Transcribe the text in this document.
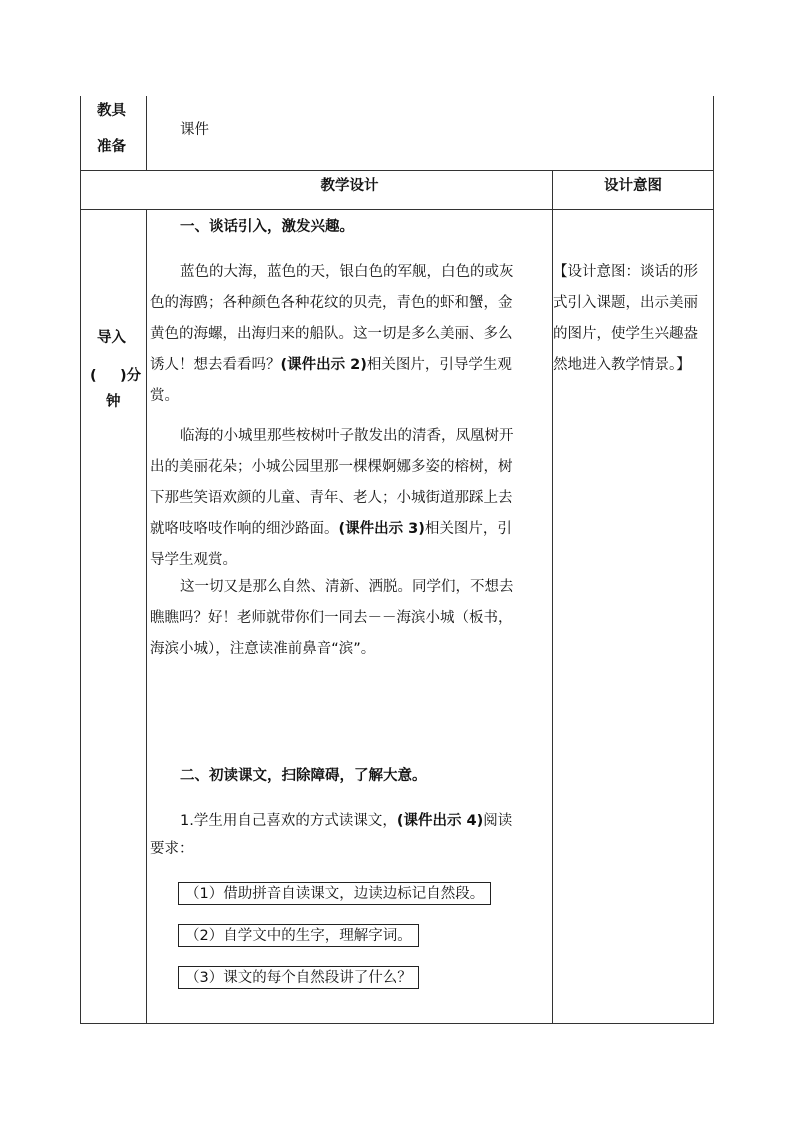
教具
准备
课件
教学设计	设计意图
导入
( )分
钟
一、谈话引入，激发兴趣。
蓝色的大海，蓝色的天，银白色的军舰，白色的或灰
色的海鸥；各种颜色各种花纹的贝壳，青色的虾和蟹，金
黄色的海螺，出海归来的船队。这一切是多么美丽、多么
诱人！想去看看吗？(课件出示 2)相关图片，引导学生观
赏。
临海的小城里那些桉树叶子散发出的清香，凤凰树开
出的美丽花朵；小城公园里那一棵棵婀娜多姿的榕树，树
下那些笑语欢颜的儿童、青年、老人；小城街道那踩上去
就咯吱咯吱作响的细沙路面。(课件出示 3)相关图片，引
导学生观赏。
这一切又是那么自然、清新、洒脱。同学们，不想去
瞧瞧吗？好！老师就带你们一同去－－海滨小城（板书，
海滨小城），注意读准前鼻音“滨”。
【设计意图：谈话的形
式引入课题，出示美丽
的图片，使学生兴趣盎
然地进入教学情景。】
二、初读课文，扫除障碍，了解大意。
1.学生用自己喜欢的方式读课文，(课件出示 4)阅读
要求：
（1）借助拼音自读课文，边读边标记自然段。
（2）自学文中的生字，理解字词。
（3）课文的每个自然段讲了什么？
